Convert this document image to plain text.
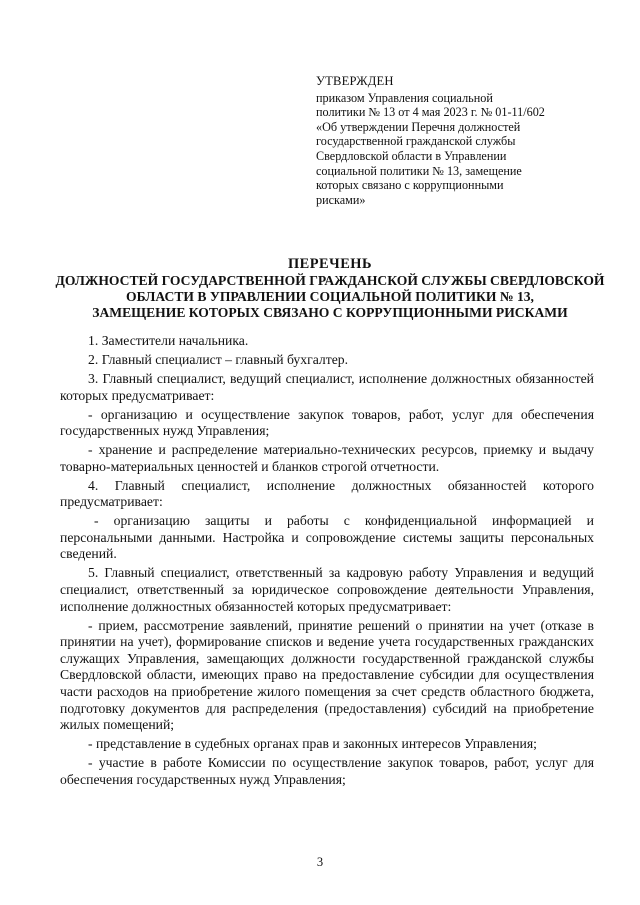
УТВЕРЖДЕН
приказом Управления социальной
политики № 13 от 4 мая 2023 г. № 01-11/602
«Об утверждении Перечня должностей
государственной гражданской службы
Свердловской области в Управлении
социальной политики № 13, замещение
которых связано с коррупционными
рисками»
ПЕРЕЧЕНЬ
ДОЛЖНОСТЕЙ ГОСУДАРСТВЕННОЙ ГРАЖДАНСКОЙ СЛУЖБЫ СВЕРДЛОВСКОЙ
ОБЛАСТИ В УПРАВЛЕНИИ СОЦИАЛЬНОЙ ПОЛИТИКИ № 13,
ЗАМЕЩЕНИЕ КОТОРЫХ СВЯЗАНО С КОРРУПЦИОННЫМИ РИСКАМИ

1. Заместители начальника.

2. Главный специалист – главный бухгалтер.

3. Главный специалист, ведущий специалист, исполнение должностных обязанностей которых предусматривает:

- организацию и осуществление закупок товаров, работ, услуг для обеспечения государственных нужд Управления;

- хранение и распределение материально-технических ресурсов, приемку и выдачу товарно-материальных ценностей и бланков строгой отчетности.

4. Главный специалист, исполнение должностных обязанностей которого предусматривает:

- организацию защиты и работы с конфиденциальной информацией и персональными данными. Настройка и сопровождение системы защиты персональных сведений.

5. Главный специалист, ответственный за кадровую работу Управления и ведущий специалист, ответственный за юридическое сопровождение деятельности Управления, исполнение должностных обязанностей которых предусматривает:

- прием, рассмотрение заявлений, принятие решений о принятии на учет (отказе в принятии на учет), формирование списков и ведение учета государственных гражданских служащих Управления, замещающих должности государственной гражданской службы Свердловской области, имеющих право на предоставление субсидии для осуществления части расходов на приобретение жилого помещения за счет средств областного бюджета, подготовку документов для распределения (предоставления) субсидий на приобретение жилых помещений;

- представление в судебных органах прав и законных интересов Управления;

- участие в работе Комиссии по осуществление закупок товаров, работ, услуг для обеспечения государственных нужд Управления;

3
